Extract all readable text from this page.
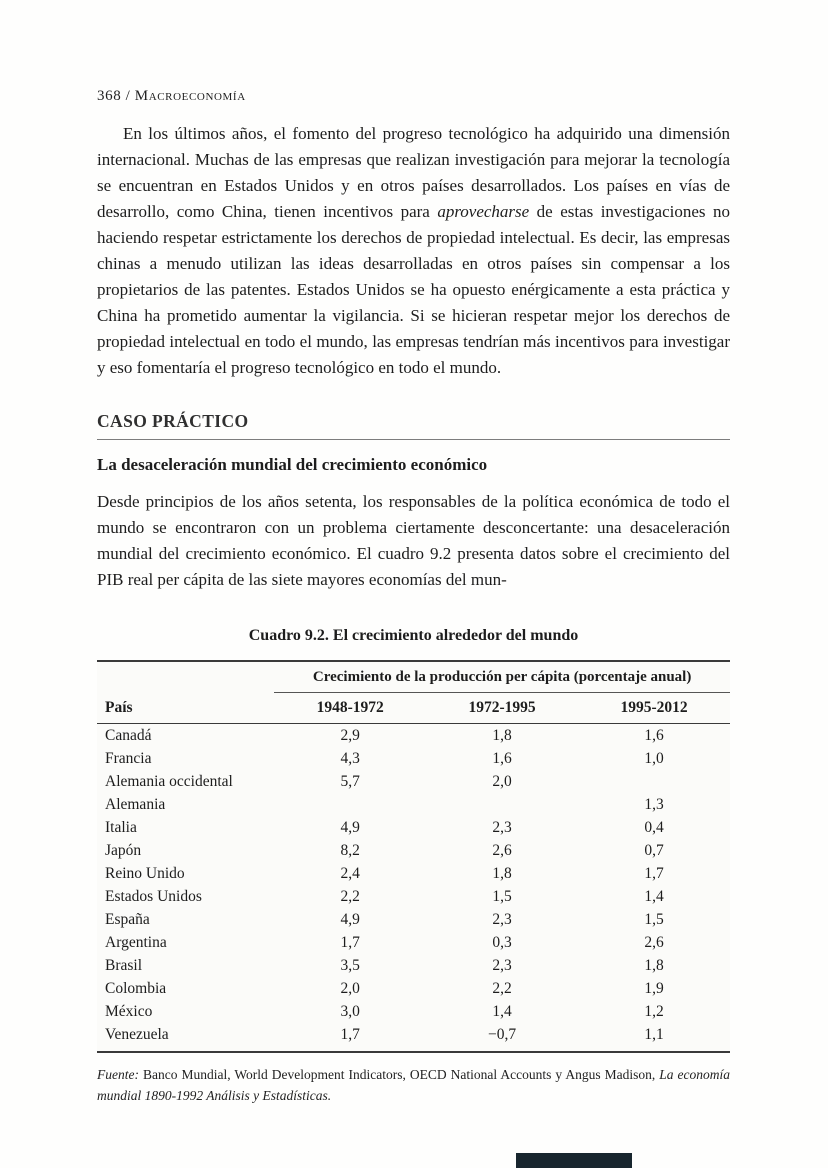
368 / Macroeconomía

En los últimos años, el fomento del progreso tecnológico ha adquirido una dimensión internacional. Muchas de las empresas que realizan investigación para mejorar la tecnología se encuentran en Estados Unidos y en otros países desarrollados. Los países en vías de desarrollo, como China, tienen incentivos para aprovecharse de estas investigaciones no haciendo respetar estrictamente los derechos de propiedad intelectual. Es decir, las empresas chinas a menudo utilizan las ideas desarrolladas en otros países sin compensar a los propietarios de las patentes. Estados Unidos se ha opuesto enérgicamente a esta práctica y China ha prometido aumentar la vigilancia. Si se hicieran respetar mejor los derechos de propiedad intelectual en todo el mundo, las empresas tendrían más incentivos para investigar y eso fomentaría el progreso tecnológico en todo el mundo.

CASO PRÁCTICO
La desaceleración mundial del crecimiento económico

Desde principios de los años setenta, los responsables de la política económica de todo el mundo se encontraron con un problema ciertamente desconcertante: una desaceleración mundial del crecimiento económico. El cuadro 9.2 presenta datos sobre el crecimiento del PIB real per cápita de las siete mayores economías del mun-

Cuadro 9.2. El crecimiento alrededor del mundo
	Crecimiento de la producción per cápita (porcentaje anual)		
País	1948-1972	1972-1995	1995-2012
Canadá	2,9	1,8	1,6
Francia	4,3	1,6	1,0
Alemania occidental	5,7	2,0	
Alemania			1,3
Italia	4,9	2,3	0,4
Japón	8,2	2,6	0,7
Reino Unido	2,4	1,8	1,7
Estados Unidos	2,2	1,5	1,4
España	4,9	2,3	1,5
Argentina	1,7	0,3	2,6
Brasil	3,5	2,3	1,8
Colombia	2,0	2,2	1,9
México	3,0	1,4	1,2
Venezuela	1,7	−0,7	1,1

Fuente: Banco Mundial, World Development Indicators, OECD National Accounts y Angus Madison, La economía mundial 1890-1992 Análisis y Estadísticas.
